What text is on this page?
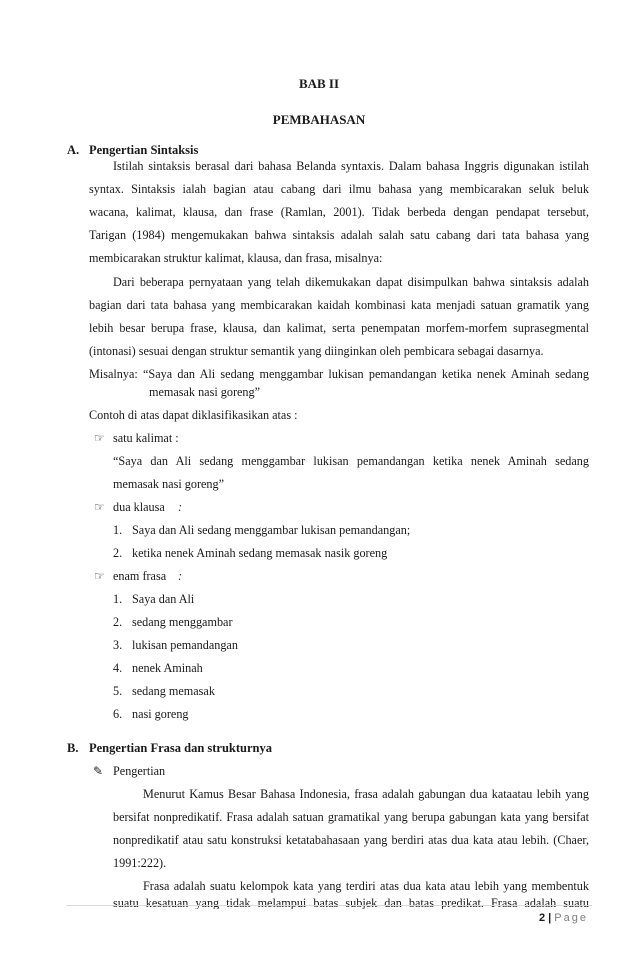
BAB II
PEMBAHASAN
A. Pengertian Sintaksis
Istilah sintaksis berasal dari bahasa Belanda syntaxis. Dalam bahasa Inggris digunakan istilah
syntax. Sintaksis ialah bagian atau cabang dari ilmu bahasa yang membicarakan seluk beluk
wacana, kalimat, klausa, dan frase (Ramlan, 2001). Tidak berbeda dengan pendapat tersebut,
Tarigan (1984) mengemukakan bahwa sintaksis adalah salah satu cabang dari tata bahasa yang
membicarakan struktur kalimat, klausa, dan frasa, misalnya:
Dari beberapa pernyataan yang telah dikemukakan dapat disimpulkan bahwa sintaksis adalah
bagian dari tata bahasa yang membicarakan kaidah kombinasi kata menjadi satuan gramatik yang
lebih besar berupa frase, klausa, dan kalimat, serta penempatan morfem-morfem suprasegmental
(intonasi) sesuai dengan struktur semantik yang diinginkan oleh pembicara sebagai dasarnya.
Misalnya: “Saya dan Ali sedang menggambar lukisan pemandangan ketika nenek Aminah sedang
memasak nasi goreng”
Contoh di atas dapat diklasifikasikan atas :
☞ satu kalimat :
“Saya dan Ali sedang menggambar lukisan pemandangan ketika nenek Aminah sedang
memasak nasi goreng”
☞ dua klausa :
1. Saya dan Ali sedang menggambar lukisan pemandangan;
2. ketika nenek Aminah sedang memasak nasik goreng
☞ enam frasa :
1. Saya dan Ali
2. sedang menggambar
3. lukisan pemandangan
4. nenek Aminah
5. sedang memasak
6. nasi goreng
B. Pengertian Frasa dan strukturnya
✎ Pengertian
Menurut Kamus Besar Bahasa Indonesia, frasa adalah gabungan dua kataatau lebih yang
bersifat nonpredikatif. Frasa adalah satuan gramatikal yang berupa gabungan kata yang bersifat
nonpredikatif atau satu konstruksi ketatabahasaan yang berdiri atas dua kata atau lebih. (Chaer,
1991:222).
Frasa adalah suatu kelompok kata yang terdiri atas dua kata atau lebih yang membentuk
suatu kesatuan yang tidak melampui batas subjek dan batas predikat. Frasa adalah suatu
2 | Page
